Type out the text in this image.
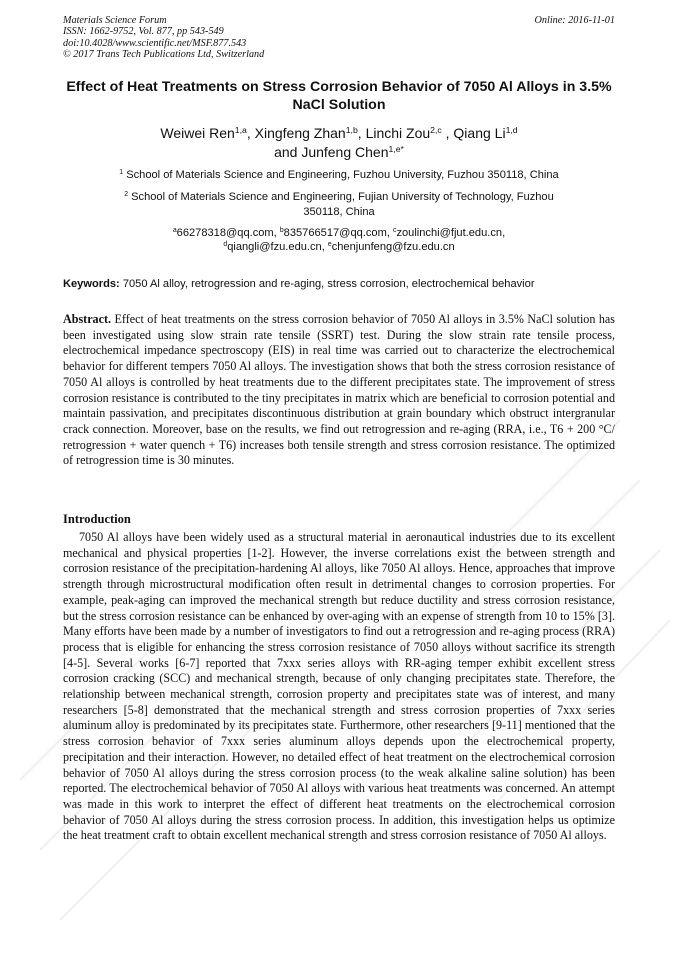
Materials Science Forum
ISSN: 1662-9752, Vol. 877, pp 543-549
doi:10.4028/www.scientific.net/MSF.877.543
© 2017 Trans Tech Publications Ltd, Switzerland
Online: 2016-11-01
Effect of Heat Treatments on Stress Corrosion Behavior of 7050 Al Alloys in 3.5% NaCl Solution
Weiwei Ren$^{1,a}$, Xingfeng Zhan$^{1,b}$, Linchi Zou$^{2,c}$ , Qiang Li$^{1,d}$
and Junfeng Chen$^{1,e*}$
$^1$ School of Materials Science and Engineering, Fuzhou University, Fuzhou 350118, China
$^2$ School of Materials Science and Engineering, Fujian University of Technology, Fuzhou 350118, China
$^a$66278318@qq.com, $^b$835766517@qq.com, $^c$zoulinchi@fjut.edu.cn,
$^d$qiangli@fzu.edu.cn, $^e$chenjunfeng@fzu.edu.cn
Keywords: 7050 Al alloy, retrogression and re-aging, stress corrosion, electrochemical behavior
Abstract. Effect of heat treatments on the stress corrosion behavior of 7050 Al alloys in 3.5% NaCl solution has been investigated using slow strain rate tensile (SSRT) test. During the slow strain rate tensile process, electrochemical impedance spectroscopy (EIS) in real time was carried out to characterize the electrochemical behavior for different tempers 7050 Al alloys. The investigation shows that both the stress corrosion resistance of 7050 Al alloys is controlled by heat treatments due to the different precipitates state. The improvement of stress corrosion resistance is contributed to the tiny precipitates in matrix which are beneficial to corrosion potential and maintain passivation, and precipitates discontinuous distribution at grain boundary which obstruct intergranular crack connection. Moreover, base on the results, we find out retrogression and re-aging (RRA, i.e., T6 + 200 °C/ retrogression + water quench + T6) increases both tensile strength and stress corrosion resistance. The optimized of retrogression time is 30 minutes.
Introduction
7050 Al alloys have been widely used as a structural material in aeronautical industries due to its excellent mechanical and physical properties [1-2]. However, the inverse correlations exist the between strength and corrosion resistance of the precipitation-hardening Al alloys, like 7050 Al alloys. Hence, approaches that improve strength through microstructural modification often result in detrimental changes to corrosion properties. For example, peak-aging can improved the mechanical strength but reduce ductility and stress corrosion resistance, but the stress corrosion resistance can be enhanced by over-aging with an expense of strength from 10 to 15% [3]. Many efforts have been made by a number of investigators to find out a retrogression and re-aging process (RRA) process that is eligible for enhancing the stress corrosion resistance of 7050 alloys without sacrifice its strength [4-5]. Several works [6-7] reported that 7xxx series alloys with RR-aging temper exhibit excellent stress corrosion cracking (SCC) and mechanical strength, because of only changing precipitates state. Therefore, the relationship between mechanical strength, corrosion property and precipitates state was of interest, and many researchers [5-8] demonstrated that the mechanical strength and stress corrosion properties of 7xxx series aluminum alloy is predominated by its precipitates state. Furthermore, other researchers [9-11] mentioned that the stress corrosion behavior of 7xxx series aluminum alloys depends upon the electrochemical property, precipitation and their interaction. However, no detailed effect of heat treatment on the electrochemical corrosion behavior of 7050 Al alloys during the stress corrosion process (to the weak alkaline saline solution) has been reported. The electrochemical behavior of 7050 Al alloys with various heat treatments was concerned. An attempt was made in this work to interpret the effect of different heat treatments on the electrochemical corrosion behavior of 7050 Al alloys during the stress corrosion process. In addition, this investigation helps us optimize the heat treatment craft to obtain excellent mechanical strength and stress corrosion resistance of 7050 Al alloys.
